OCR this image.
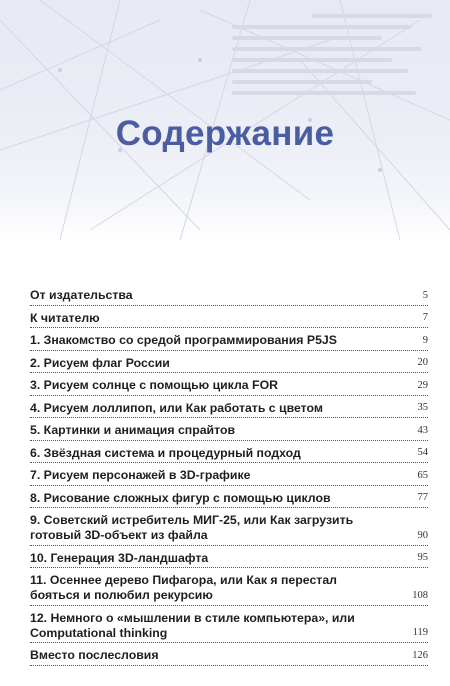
Содержание
От издательства	5
К читателю	7
1. Знакомство со средой программирования P5JS	9
2. Рисуем флаг России	20
3. Рисуем солнце с помощью цикла FOR	29
4. Рисуем лоллипоп, или Как работать с цветом	35
5. Картинки и анимация спрайтов	43
6. Звёздная система и процедурный подход	54
7. Рисуем персонажей в 3D-графике	65
8. Рисование сложных фигур с помощью циклов	77
9. Советский истребитель МИГ-25, или Как загрузить готовый 3D-объект из файла	90
10. Генерация 3D-ландшафта	95
11. Осеннее дерево Пифагора, или Как я перестал бояться и полюбил рекурсию	108
12. Немного о «мышлении в стиле компьютера», или Computational thinking	119
Вместо послесловия	126
